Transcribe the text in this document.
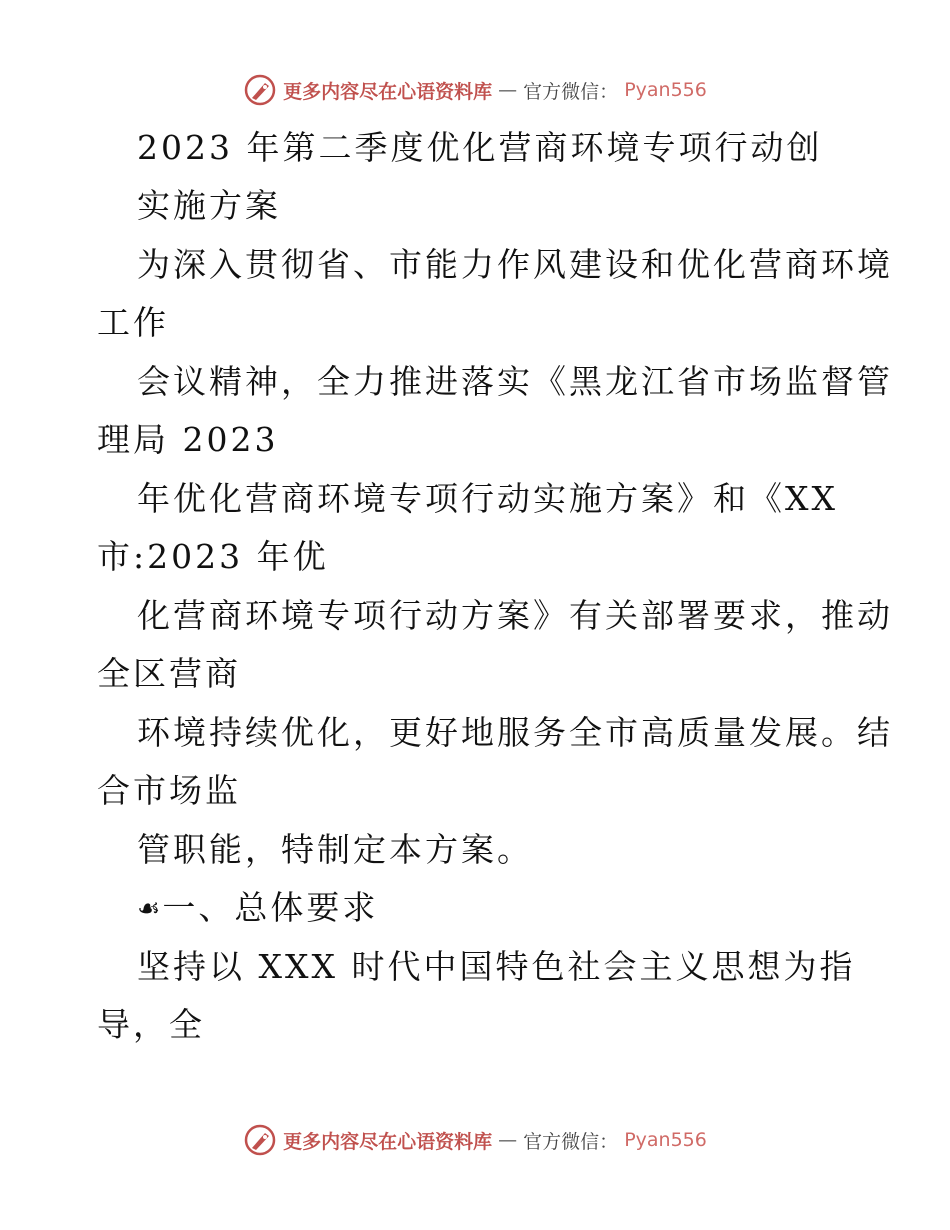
更多内容尽在心语资料库 — 官方微信： Pyan556
2023 年第二季度优化营商环境专项行动创
实施方案
为深入贯彻省、市能力作风建设和优化营商环境
工作
会议精神，全力推进落实《黑龙江省市场监督管
理局 2023
年优化营商环境专项行动实施方案》和《XX
市:2023 年优
化营商环境专项行动方案》有关部署要求，推动
全区营商
环境持续优化，更好地服务全市高质量发展。结
合市场监
管职能，特制定本方案。
☙一、总体要求
坚持以 XXX 时代中国特色社会主义思想为指
导，全
更多内容尽在心语资料库 — 官方微信： Pyan556
